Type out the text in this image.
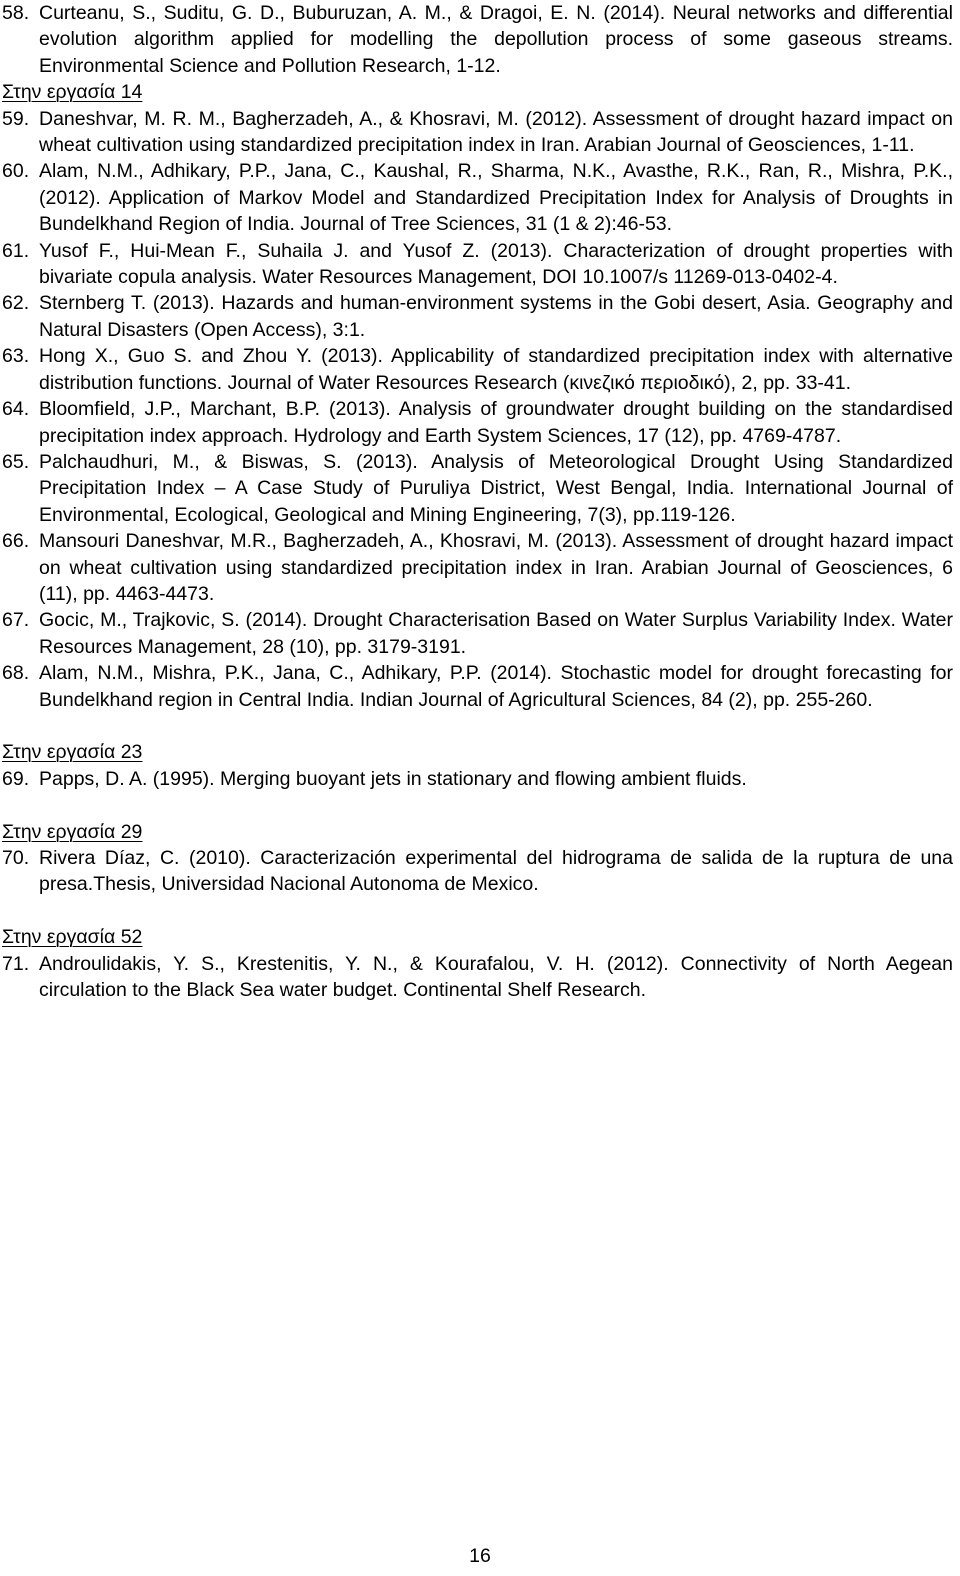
58. Curteanu, S., Suditu, G. D., Buburuzan, A. M., & Dragoi, E. N. (2014). Neural networks and differential evolution algorithm applied for modelling the depollution process of some gaseous streams. Environmental Science and Pollution Research, 1-12.
Στην εργασία 14
59. Daneshvar, M. R. M., Bagherzadeh, A., & Khosravi, M. (2012). Assessment of drought hazard impact on wheat cultivation using standardized precipitation index in Iran. Arabian Journal of Geosciences, 1-11.
60. Alam, N.M., Adhikary, P.P., Jana, C., Kaushal, R., Sharma, N.K., Avasthe, R.K., Ran, R., Mishra, P.K., (2012). Application of Markov Model and Standardized Precipitation Index for Analysis of Droughts in Bundelkhand Region of India. Journal of Tree Sciences, 31 (1 & 2):46-53.
61. Yusof F., Hui-Mean F., Suhaila J. and Yusof Z. (2013). Characterization of drought properties with bivariate copula analysis. Water Resources Management, DOI 10.1007/s 11269-013-0402-4.
62. Sternberg T. (2013). Hazards and human-environment systems in the Gobi desert, Asia. Geography and Natural Disasters (Open Access), 3:1.
63. Hong X., Guo S. and Zhou Y. (2013). Applicability of standardized precipitation index with alternative distribution functions. Journal of Water Resources Research (κινεζικό περιοδικό), 2, pp. 33-41.
64. Bloomfield, J.P., Marchant, B.P. (2013). Analysis of groundwater drought building on the standardised precipitation index approach. Hydrology and Earth System Sciences, 17 (12), pp. 4769-4787.
65. Palchaudhuri, M., & Biswas, S. (2013). Analysis of Meteorological Drought Using Standardized Precipitation Index – A Case Study of Puruliya District, West Bengal, India. International Journal of Environmental, Ecological, Geological and Mining Engineering, 7(3), pp.119-126.
66. Mansouri Daneshvar, M.R., Bagherzadeh, A., Khosravi, M. (2013). Assessment of drought hazard impact on wheat cultivation using standardized precipitation index in Iran. Arabian Journal of Geosciences, 6 (11), pp. 4463-4473.
67. Gocic, M., Trajkovic, S. (2014). Drought Characterisation Based on Water Surplus Variability Index. Water Resources Management, 28 (10), pp. 3179-3191.
68. Alam, N.M., Mishra, P.K., Jana, C., Adhikary, P.P. (2014). Stochastic model for drought forecasting for Bundelkhand region in Central India. Indian Journal of Agricultural Sciences, 84 (2), pp. 255-260.
Στην εργασία 23
69. Papps, D. A. (1995). Merging buoyant jets in stationary and flowing ambient fluids.
Στην εργασία 29
70. Rivera Díaz, C. (2010). Caracterización experimental del hidrograma de salida de la ruptura de una presa.Thesis, Universidad Nacional Autonoma de Mexico.
Στην εργασία 52
71. Androulidakis, Y. S., Krestenitis, Y. N., & Kourafalou, V. H. (2012). Connectivity of North Aegean circulation to the Black Sea water budget. Continental Shelf Research.
16
